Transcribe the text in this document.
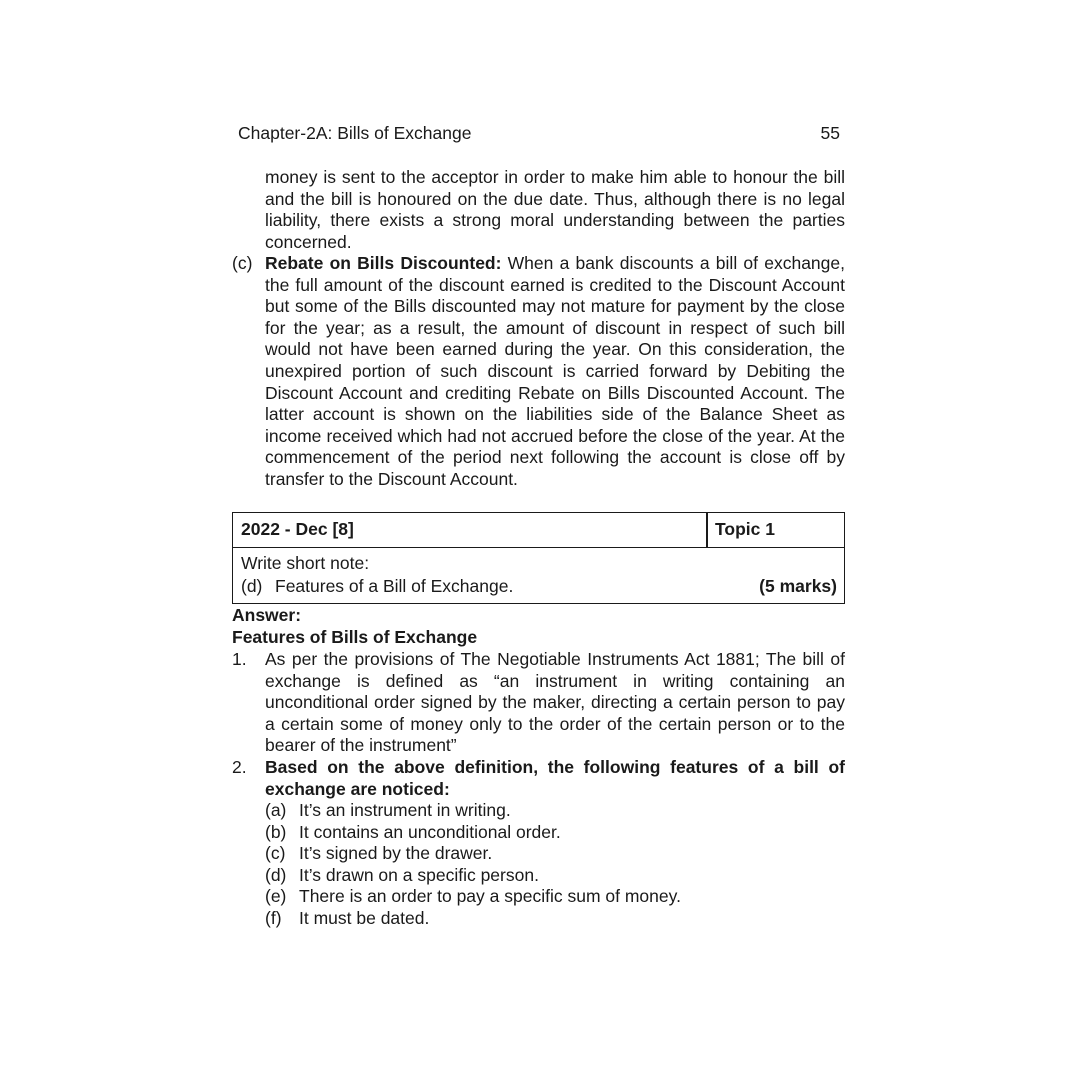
Chapter-2A: Bills of Exchange	55
money is sent to the acceptor in order to make him able to honour the bill and the bill is honoured on the due date. Thus, although there is no legal liability, there exists a strong moral understanding between the parties concerned.
(c) Rebate on Bills Discounted: When a bank discounts a bill of exchange, the full amount of the discount earned is credited to the Discount Account but some of the Bills discounted may not mature for payment by the close for the year; as a result, the amount of discount in respect of such bill would not have been earned during the year. On this consideration, the unexpired portion of such discount is carried forward by Debiting the Discount Account and crediting Rebate on Bills Discounted Account. The latter account is shown on the liabilities side of the Balance Sheet as income received which had not accrued before the close of the year. At the commencement of the period next following the account is close off by transfer to the Discount Account.
2022 - Dec [8]	Topic 1
Write short note:
(d) Features of a Bill of Exchange.	(5 marks)
Answer:
Features of Bills of Exchange
1.	As per the provisions of The Negotiable Instruments Act 1881; The bill of exchange is defined as “an instrument in writing containing an unconditional order signed by the maker, directing a certain person to pay a certain some of money only to the order of the certain person or to the bearer of the instrument”
2.	Based on the above definition, the following features of a bill of exchange are noticed:
(a) It’s an instrument in writing.
(b) It contains an unconditional order.
(c) It’s signed by the drawer.
(d) It’s drawn on a specific person.
(e) There is an order to pay a specific sum of money.
(f) It must be dated.
